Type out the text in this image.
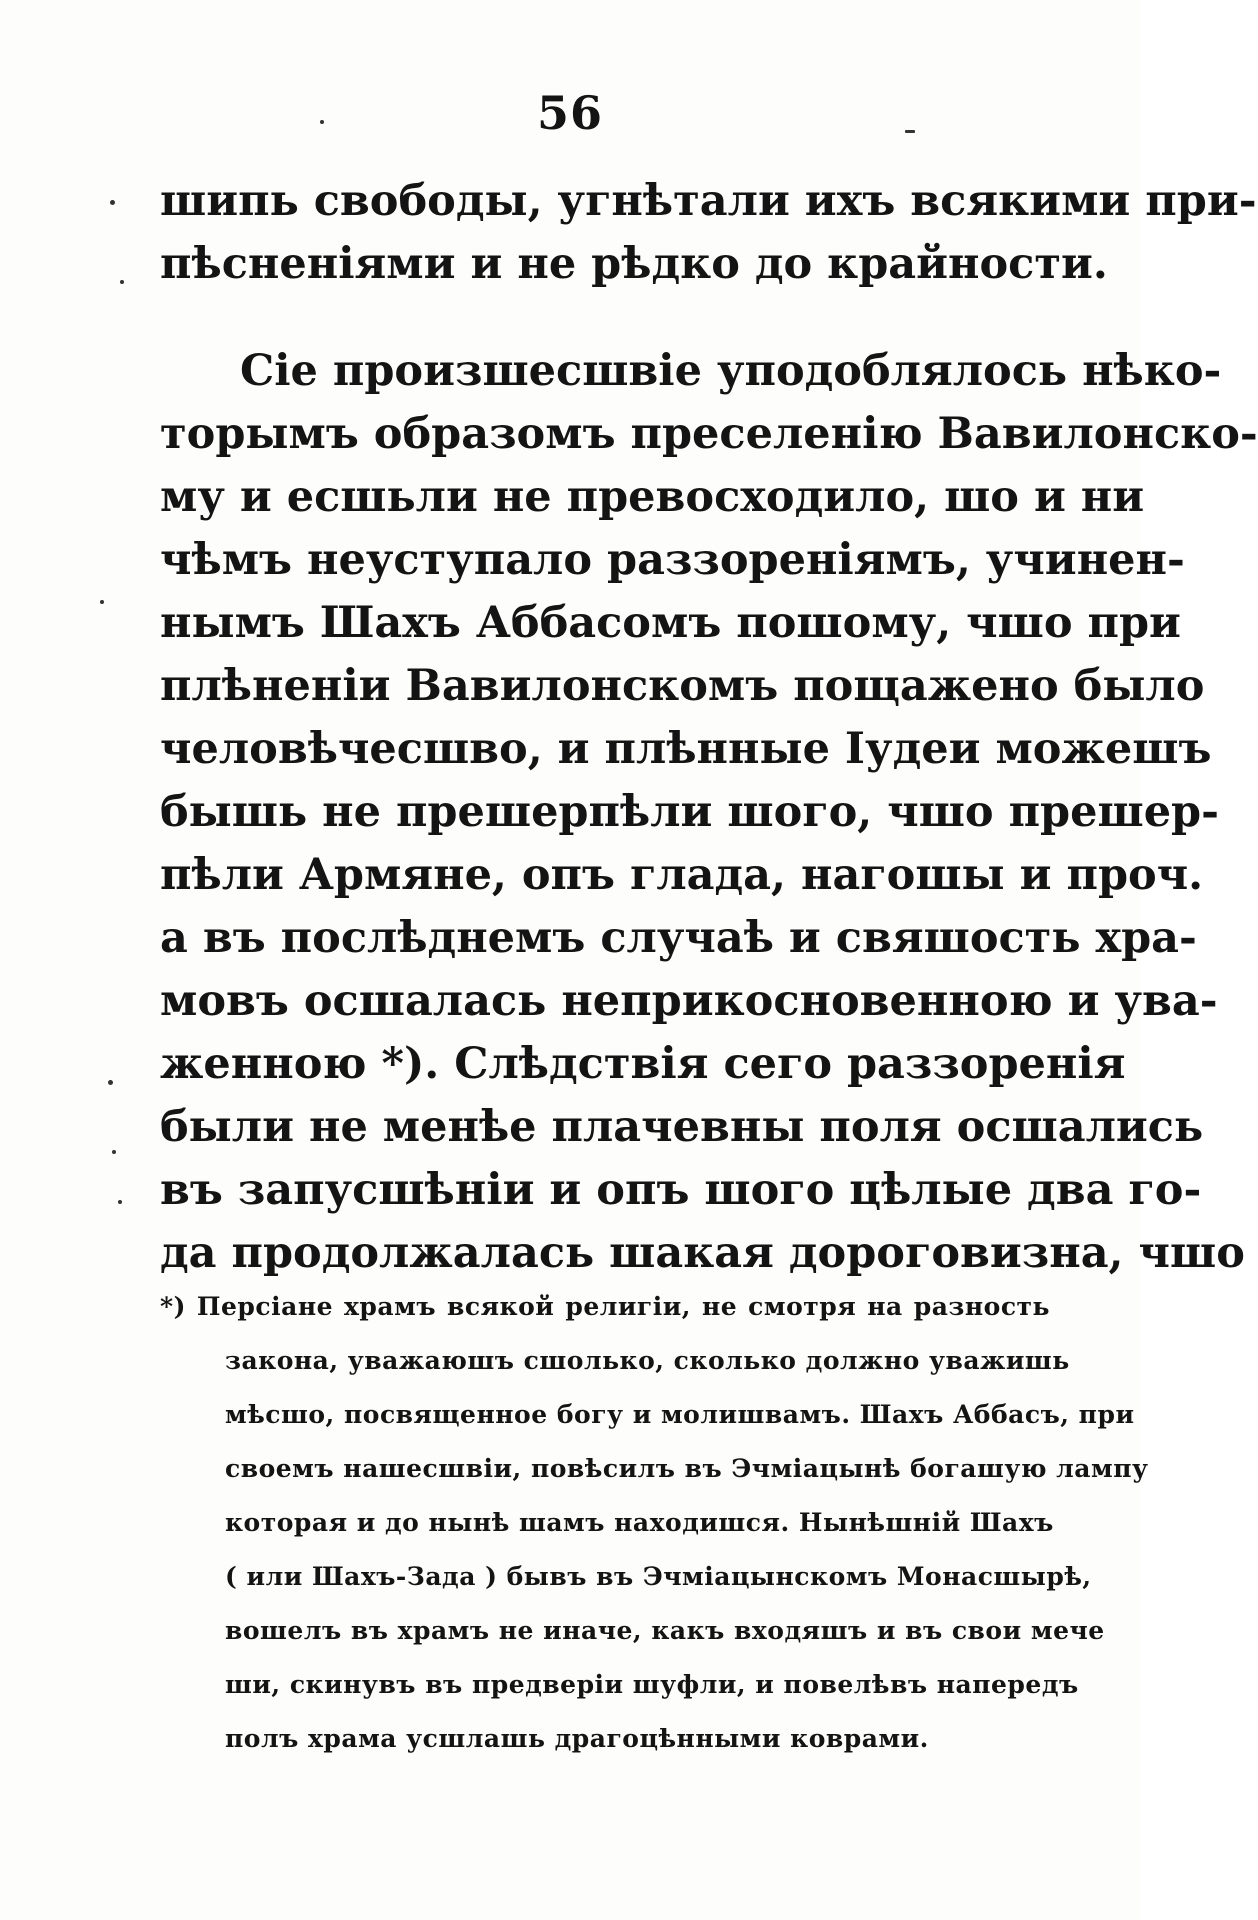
56
шипь свободы, угнѣтали ихъ всякими при-
пѣсненіями и не рѣдко до крайности.
Сіе произшесшвіе уподоблялось нѣко-
торымъ образомъ преселенію Вавилонско-
му и есшьли не превосходило, шо и ни
чѣмъ неуступало раззореніямъ, учинен-
нымъ Шахъ Аббасомъ пошому, чшо при
плѣненіи Вавилонскомъ пощажено было
человѣчесшво, и плѣнные Іудеи можешъ
бышь не прешерпѣли шого, чшо прешер-
пѣли Армяне, опъ глада, нагошы и проч.
а въ послѣднемъ случаѣ и свяшость хра-
мовъ осшалась неприкосновенною и ува-
женною *). Слѣдствія сего раззоренія
были не менѣе плачевны поля осшались
въ запусшѣніи и опъ шого цѣлые два го-
да продолжалась шакая дороговизна, чшо
*) Персіане храмъ всякой религіи, не смотря на разность
закона, уважаюшъ сшолько, сколько должно уважишь
мѣсшо, посвященное богу и молишвамъ. Шахъ Аббасъ, при
своемъ нашесшвіи, повѣсилъ въ Эчміацынѣ богашую лампу
которая и до нынѣ шамъ находишся. Нынѣшній Шахъ
( или Шахъ-Зада ) бывъ въ Эчміацынскомъ Монасшырѣ,
вошелъ въ храмъ не иначе, какъ входяшъ и въ свои мече
ши, скинувъ въ предверіи шуфли, и повелѣвъ напередъ
полъ храма усшлашь драгоцѣнными коврами.
